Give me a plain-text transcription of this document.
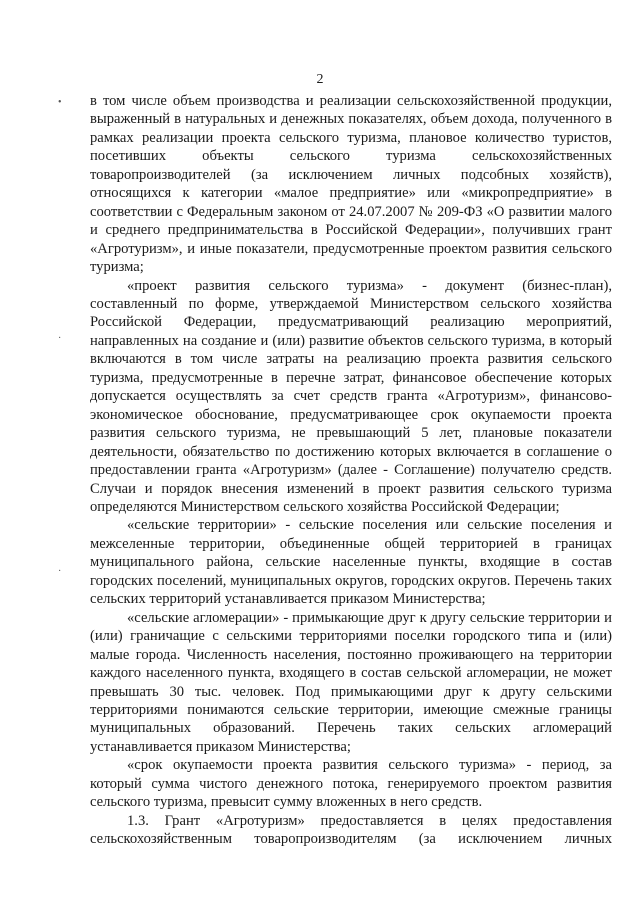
2
•
·
·

в том числе объем производства и реализации сельскохозяйственной продукции, выраженный в натуральных и денежных показателях, объем дохода, полученного в рамках реализации проекта сельского туризма, плановое количество туристов, посетивших объекты сельского туризма сельскохозяйственных товаропроизводителей (за исключением личных подсобных хозяйств), относящихся к категории «малое предприятие» или «микропредприятие» в соответствии с Федеральным законом от 24.07.2007 № 209-ФЗ «О развитии малого и среднего предпринимательства в Российской Федерации», получивших грант «Агротуризм», и иные показатели, предусмотренные проектом развития сельского туризма;

«проект развития сельского туризма» - документ (бизнес-план), составленный по форме, утверждаемой Министерством сельского хозяйства Российской Федерации, предусматривающий реализацию мероприятий, направленных на создание и (или) развитие объектов сельского туризма, в который включаются в том числе затраты на реализацию проекта развития сельского туризма, предусмотренные в перечне затрат, финансовое обеспечение которых допускается осуществлять за счет средств гранта «Агротуризм», финансово-экономическое обоснование, предусматривающее срок окупаемости проекта развития сельского туризма, не превышающий 5 лет, плановые показатели деятельности, обязательство по достижению которых включается в соглашение о предоставлении гранта «Агротуризм» (далее - Соглашение) получателю средств. Случаи и порядок внесения изменений в проект развития сельского туризма определяются Министерством сельского хозяйства Российской Федерации;

«сельские территории» - сельские поселения или сельские поселения и межселенные территории, объединенные общей территорией в границах муниципального района, сельские населенные пункты, входящие в состав городских поселений, муниципальных округов, городских округов. Перечень таких сельских территорий устанавливается приказом Министерства;

«сельские агломерации» - примыкающие друг к другу сельские территории и (или) граничащие с сельскими территориями поселки городского типа и (или) малые города. Численность населения, постоянно проживающего на территории каждого населенного пункта, входящего в состав сельской агломерации, не может превышать 30 тыс. человек. Под примыкающими друг к другу сельскими территориями понимаются сельские территории, имеющие смежные границы муниципальных образований. Перечень таких сельских агломераций устанавливается приказом Министерства;

«срок окупаемости проекта развития сельского туризма» - период, за который сумма чистого денежного потока, генерируемого проектом развития сельского туризма, превысит сумму вложенных в него средств.

1.3. Грант «Агротуризм» предоставляется в целях предоставления сельскохозяйственным товаропроизводителям (за исключением личных
